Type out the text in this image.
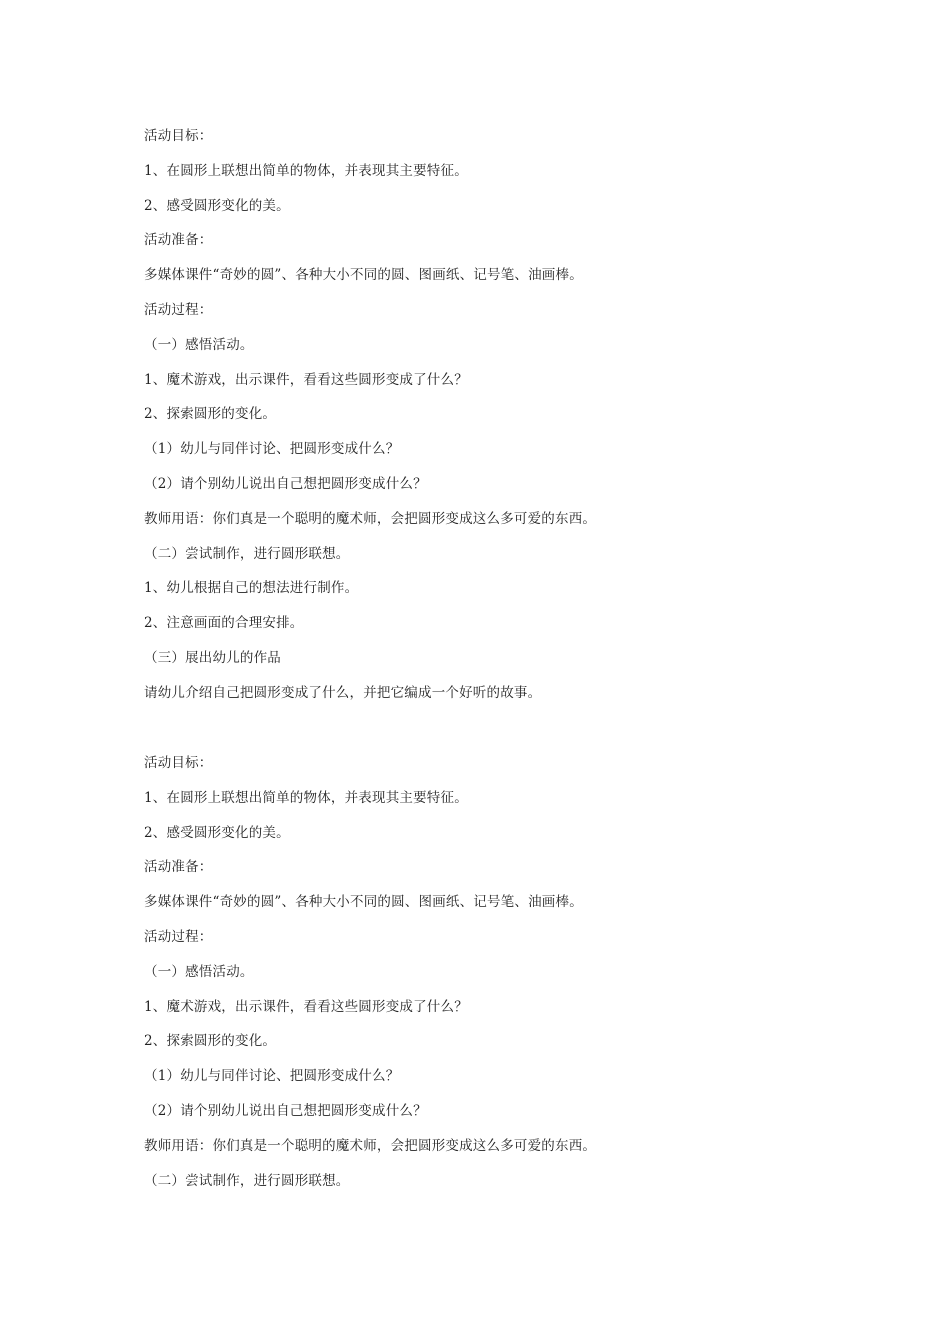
活动目标：
1、在圆形上联想出简单的物体，并表现其主要特征。
2、感受圆形变化的美。
活动准备：
多媒体课件“奇妙的圆”、各种大小不同的圆、图画纸、记号笔、油画棒。
活动过程：
（一）感悟活动。
1、魔术游戏，出示课件，看看这些圆形变成了什么？
2、探索圆形的变化。
（1）幼儿与同伴讨论、把圆形变成什么？
（2）请个别幼儿说出自己想把圆形变成什么？
教师用语：你们真是一个聪明的魔术师，会把圆形变成这么多可爱的东西。
（二）尝试制作，进行圆形联想。
1、幼儿根据自己的想法进行制作。
2、注意画面的合理安排。
（三）展出幼儿的作品
请幼儿介绍自己把圆形变成了什么，并把它编成一个好听的故事。
活动目标：
1、在圆形上联想出简单的物体，并表现其主要特征。
2、感受圆形变化的美。
活动准备：
多媒体课件“奇妙的圆”、各种大小不同的圆、图画纸、记号笔、油画棒。
活动过程：
（一）感悟活动。
1、魔术游戏，出示课件，看看这些圆形变成了什么？
2、探索圆形的变化。
（1）幼儿与同伴讨论、把圆形变成什么？
（2）请个别幼儿说出自己想把圆形变成什么？
教师用语：你们真是一个聪明的魔术师，会把圆形变成这么多可爱的东西。
（二）尝试制作，进行圆形联想。
